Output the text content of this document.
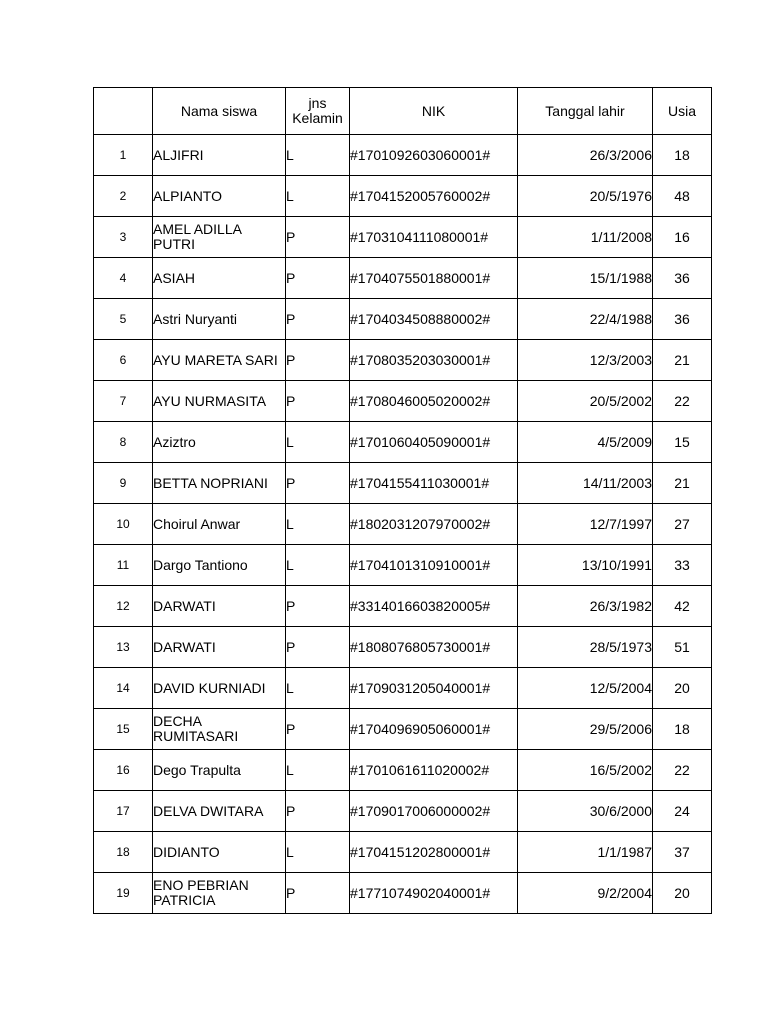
	Nama siswa	jns Kelamin	NIK	Tanggal lahir	Usia
1	ALJIFRI	L	#1701092603060001#	26/3/2006	18
2	ALPIANTO	L	#1704152005760002#	20/5/1976	48
3	AMEL ADILLA PUTRI	P	#1703104111080001#	1/11/2008	16
4	ASIAH	P	#1704075501880001#	15/1/1988	36
5	Astri Nuryanti	P	#1704034508880002#	22/4/1988	36
6	AYU MARETA SARI	P	#1708035203030001#	12/3/2003	21
7	AYU NURMASITA	P	#1708046005020002#	20/5/2002	22
8	Aziztro	L	#1701060405090001#	4/5/2009	15
9	BETTA NOPRIANI	P	#1704155411030001#	14/11/2003	21
10	Choirul Anwar	L	#1802031207970002#	12/7/1997	27
11	Dargo Tantiono	L	#1704101310910001#	13/10/1991	33
12	DARWATI	P	#3314016603820005#	26/3/1982	42
13	DARWATI	P	#1808076805730001#	28/5/1973	51
14	DAVID KURNIADI	L	#1709031205040001#	12/5/2004	20
15	DECHA RUMITASARI	P	#1704096905060001#	29/5/2006	18
16	Dego Trapulta	L	#1701061611020002#	16/5/2002	22
17	DELVA DWITARA	P	#1709017006000002#	30/6/2000	24
18	DIDIANTO	L	#1704151202800001#	1/1/1987	37
19	ENO PEBRIAN PATRICIA	P	#1771074902040001#	9/2/2004	20
